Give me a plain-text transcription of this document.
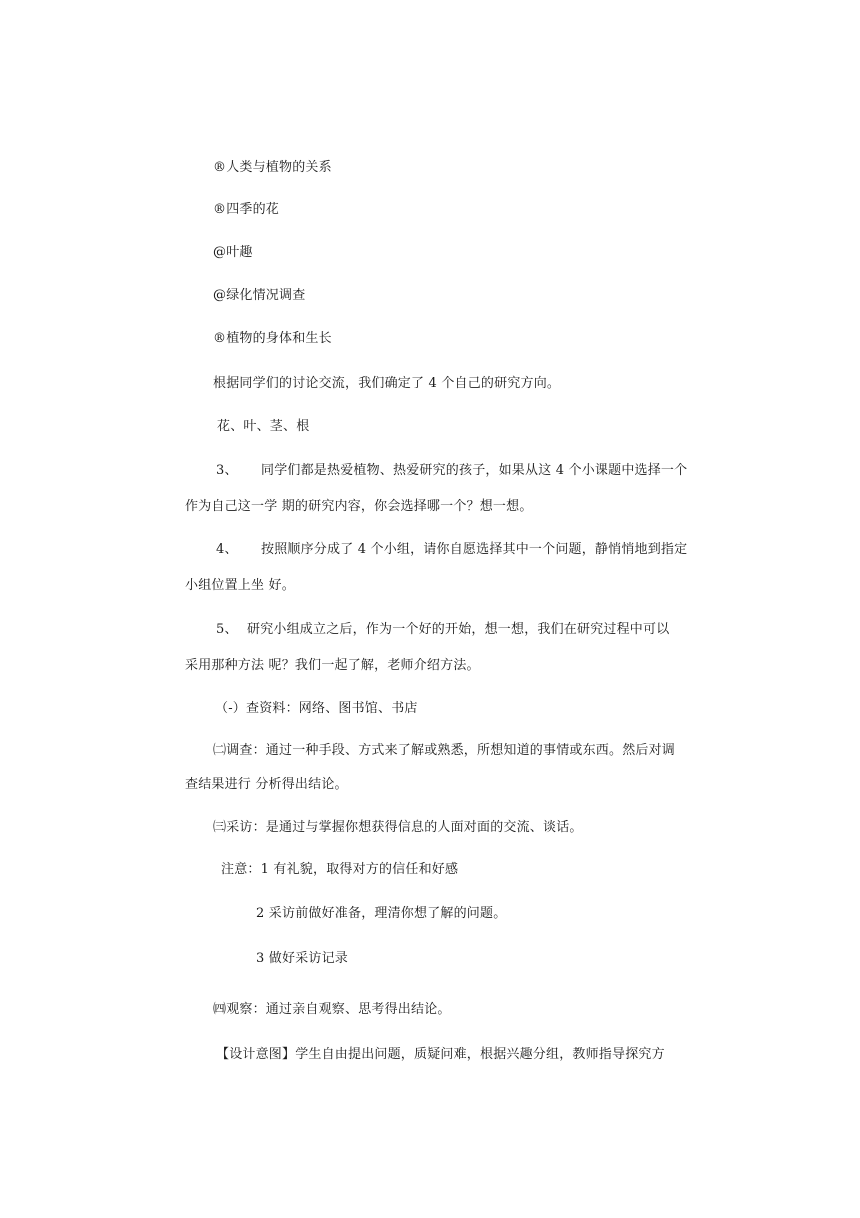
®人类与植物的关系
®四季的花
@叶趣
@绿化情况调查
®植物的身体和生长
根据同学们的讨论交流，我们确定了 4 个自己的研究方向。
花、叶、茎、根
3、 同学们都是热爱植物、热爱研究的孩子，如果从这 4 个小课题中选择一个
作为自己这一学 期的研究内容，你会选择哪一个？想一想。
4、 按照顺序分成了 4 个小组，请你自愿选择其中一个问题，静悄悄地到指定
小组位置上坐 好。
5、 研究小组成立之后，作为一个好的开始，想一想，我们在研究过程中可以
采用那种方法 呢？我们一起了解，老师介绍方法。
（-）查资料：网络、图书馆、书店
㈡调查：通过一种手段、方式来了解或熟悉，所想知道的事情或东西。然后对调
查结果进行 分析得出结论。
㈢采访：是通过与掌握你想获得信息的人面对面的交流、谈话。
注意：1 有礼貌，取得对方的信任和好感
2 采访前做好准备，理清你想了解的问题。
3 做好采访记录
㈣观察：通过亲自观察、思考得出结论。
【设计意图】学生自由提出问题，质疑问难，根据兴趣分组，教师指导探究方
